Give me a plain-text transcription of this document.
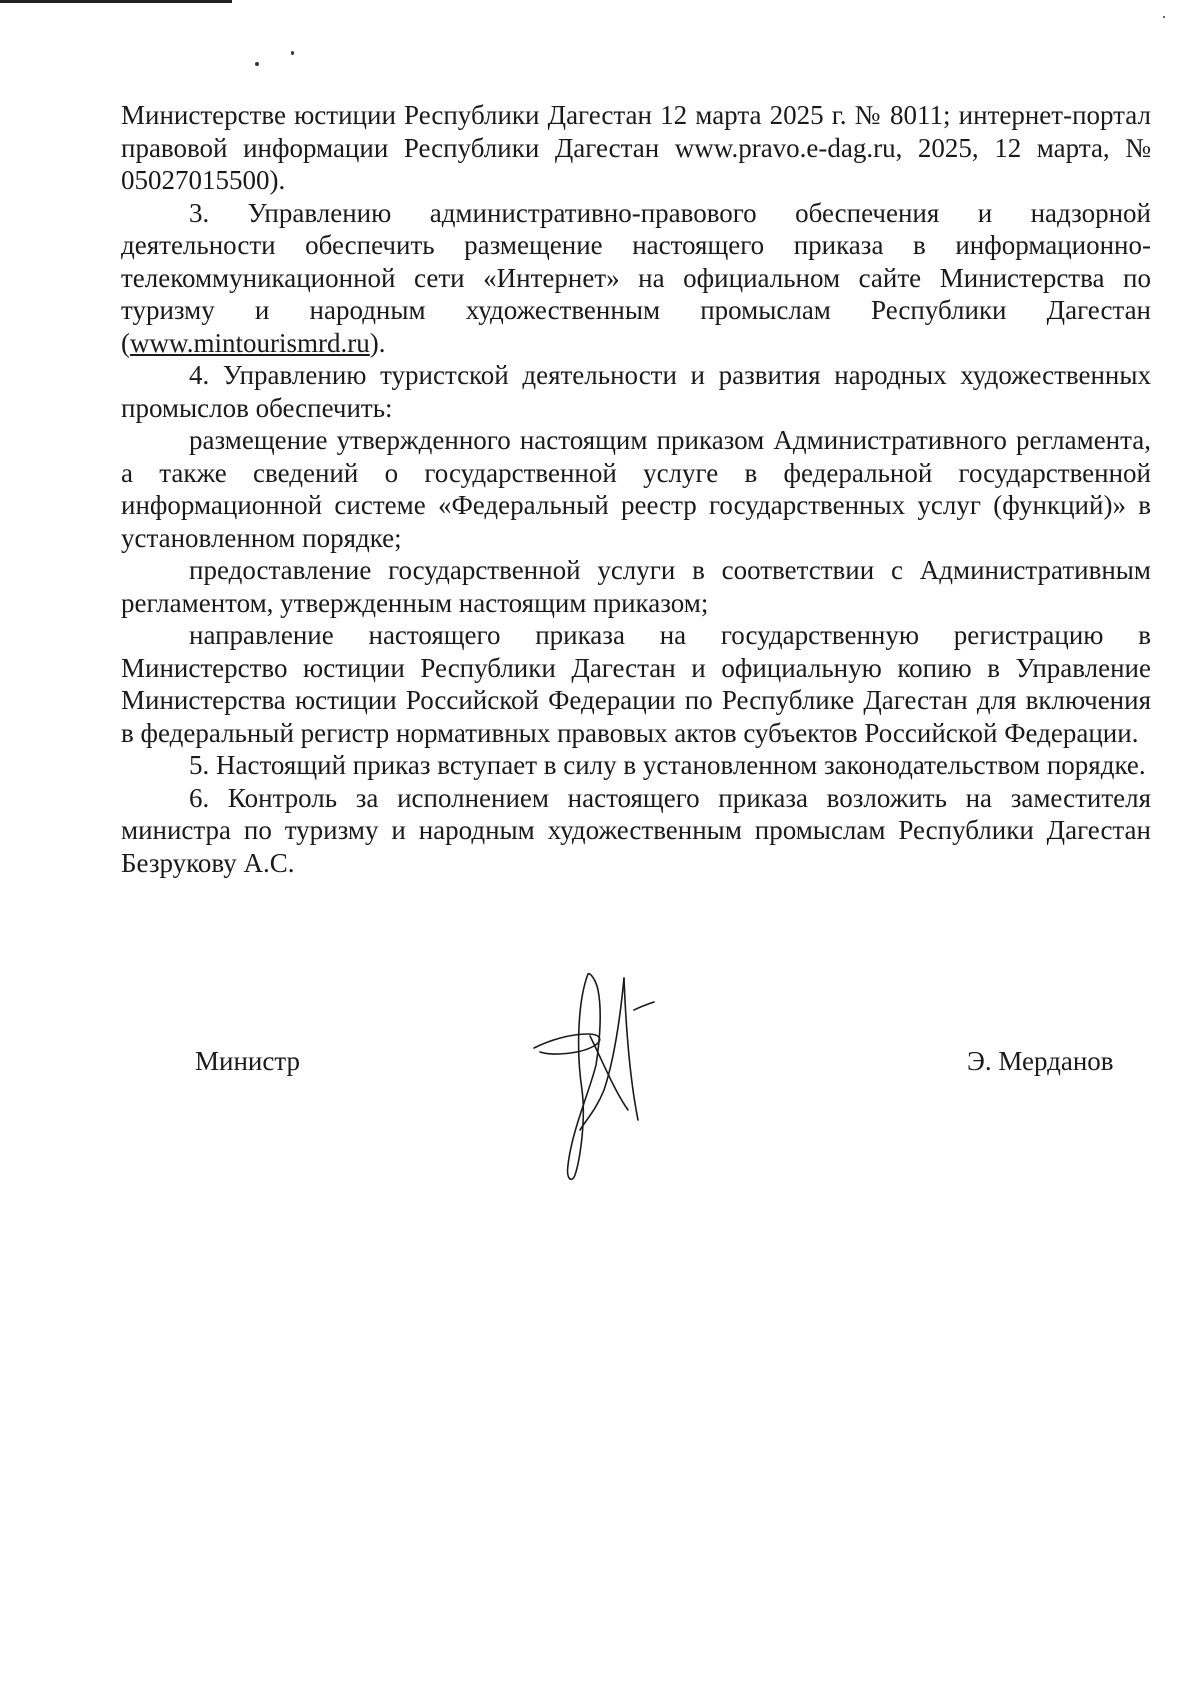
Министерстве юстиции Республики Дагестан 12 марта 2025 г. № 8011; интернет-портал правовой информации Республики Дагестан www.pravo.e-dag.ru, 2025, 12 марта, № 05027015500).

3. Управлению административно-правового обеспечения и надзорной деятельности обеспечить размещение настоящего приказа в информационно-телекоммуникационной сети «Интернет» на официальном сайте Министерства по туризму и народным художественным промыслам Республики Дагестан (www.mintourismrd.ru).

4. Управлению туристской деятельности и развития народных художественных промыслов обеспечить:

размещение утвержденного настоящим приказом Административного регламента, а также сведений о государственной услуге в федеральной государственной информационной системе «Федеральный реестр государственных услуг (функций)» в установленном порядке;

предоставление государственной услуги в соответствии с Административным регламентом, утвержденным настоящим приказом;

направление настоящего приказа на государственную регистрацию в Министерство юстиции Республики Дагестан и официальную копию в Управление Министерства юстиции Российской Федерации по Республике Дагестан для включения в федеральный регистр нормативных правовых актов субъектов Российской Федерации.

5. Настоящий приказ вступает в силу в установленном законодательством порядке.

6. Контроль за исполнением настоящего приказа возложить на заместителя министра по туризму и народным художественным промыслам Республики Дагестан Безрукову А.С.

Министр	Э. Мерданов
